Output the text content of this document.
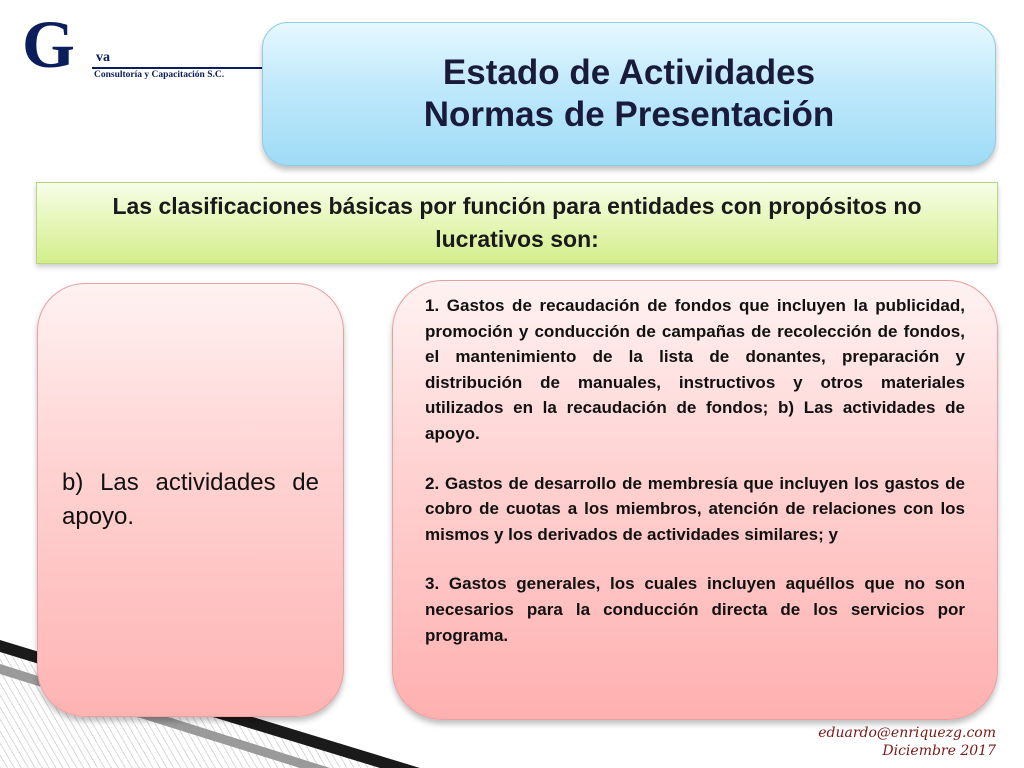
G va
Consultoría y Capacitación S.C.	Estado de Actividades
Normas de Presentación
Las clasificaciones básicas por función para entidades con propósitos no lucrativos son:
b) Las actividades de apoyo.

1. Gastos de recaudación de fondos que incluyen la publicidad, promoción y conducción de campañas de recolección de fondos, el mantenimiento de la lista de donantes, preparación y distribución de manuales, instructivos y otros materiales utilizados en la recaudación de fondos; b) Las actividades de apoyo.

2. Gastos de desarrollo de membresía que incluyen los gastos de cobro de cuotas a los miembros, atención de relaciones con los mismos y los derivados de actividades similares; y

3. Gastos generales, los cuales incluyen aquéllos que no son necesarios para la conducción directa de los servicios por programa.

eduardo@enriquezg.com
Diciembre 2017
